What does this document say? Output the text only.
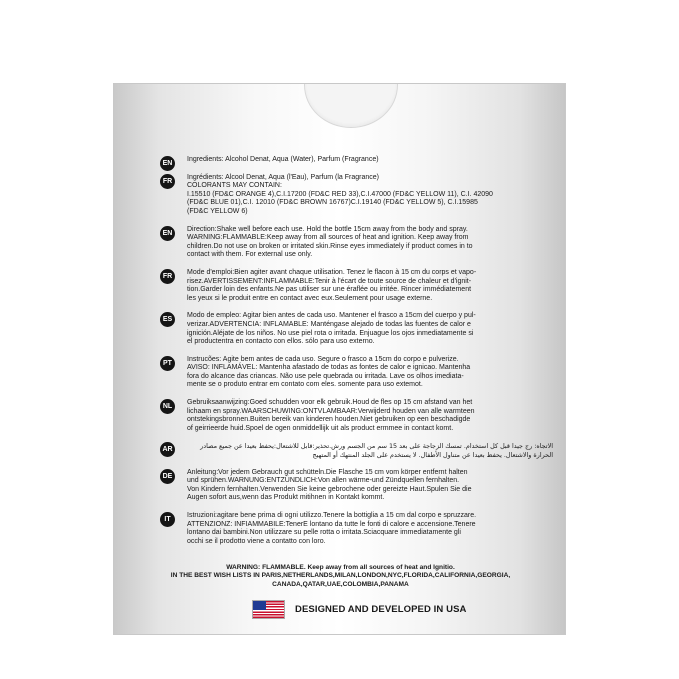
EN
Ingredients: Alcohol Denat, Aqua (Water), Parfum (Fragrance)
FR
Ingrédients: Alcool Denat, Aqua (l'Eau), Parfum (la Fragrance)
COLORANTS MAY CONTAIN:
I.15510 (FD&C ORANGE 4),C.I.17200 (FD&C RED 33),C.I.47000 (FD&C YELLOW 11), C.I. 42090
(FD&C BLUE 01),C.I. 12010 (FD&C BROWN 16767)C.I.19140 (FD&C YELLOW 5), C.I.15985
(FD&C YELLOW 6)
EN
Direction:Shake well before each use. Hold the bottle 15cm away from the body and spray.
WARNING:FLAMMABLE:Keep away from all sources of heat and ignition. Keep away from
children.Do not use on broken or irritated skin.Rinse eyes immediately if product comes in to
contact with them. For external use only.
FR
Mode d'emploi:Bien agiter avant chaque utilisation. Tenez le flacon à 15 cm du corps et vapo-
risez.AVERTISSEMENT:INFLAMMABLE:Tenir à l'écart de toute source de chaleur et d'ignit-
tion.Garder loin des enfants.Ne pas utiliser sur une éraflée ou irritée. Rincer immédiatement
les yeux si le produit entre en contact avec eux.Seulement pour usage externe.
ES
Modo de empleo: Agitar bien antes de cada uso. Mantener el frasco a 15cm del cuerpo y pul-
verizar.ADVERTENCIA: INFLAMABLE: Manténgase alejado de todas las fuentes de calor e
ignición.Aléjate de los niños. No use piel rota o irritada. Enjuague los ojos inmediatamente si
el productentra en contacto con ellos. sólo para uso externo.
PT
Instrucões: Agite bem antes de cada uso. Segure o frasco a 15cm do corpo e pulverize.
AVISO: INFLAMÁVEL: Mantenha afastado de todas as fontes de calor e ignicao. Mantenha
fora do alcance das criancas. Não use pele quebrada ou irritada. Lave os olhos imediata-
mente se o produto entrar em contato com eles. somente para uso extemot.
NL
Gebruiksaanwijzing:Goed schudden voor elk gebruik.Houd de fles op 15 cm afstand van het
lichaam en spray.WAARSCHUWING:ONTVLAMBAAR:Verwijderd houden van alle warmteen
ontstekingsbronnen.Buiten bereik van kinderen houden.Niet gebruiken op een beschadigde
of geirrieerde huid.Spoel de ogen onmiddellijk uit als product ermmee in contact komt.
AR	الاتجاه: رج جيدا قبل كل استخدام. تمسك الزجاجة على بعد 15 سم من الجسم ورش.تحذير:قابل للاشتعال:يحفظ بعيدا عن جميع مصادر
الحرارة والاشتعال. يحفظ بعيدا عن متناول الأطفال. لا يستخدم على الجلد المنتهك أو المتهيج
DE
Anleitung:Vor jedem Gebrauch gut schütteln.Die Flasche 15 cm vom körper entfernt halten
und sprühen.WARNUNG:ENTZÜNDLICH:Von allen wärme-und Zündquellen fernhalten.
Von Kindern fernhalten.Verwenden Sie keine gebrochene oder gereizte Haut.Spulen Sie die
Augen sofort aus,wenn das Produkt mitihnen in Kontakt kommt.
IT
Istruzioni:agitare bene prima di ogni utilizzo.Tenere la bottiglia a 15 cm dal corpo e spruzzare.
ATTENZIONZ: INFIAMMABILE:TenerE lontano da tutte le fonti di calore e accensione.Tenere
lontano dai bambini.Non utilizzare su pelle rotta o irritata.Sciacquare immediatamente gli
occhi se il prodotto viene a contatto con loro.
WARNING: FLAMMABLE. Keep away from all sources of heat and Ignitio.
IN THE BEST WISH LISTS IN PARIS,NETHERLANDS,MILAN,LONDON,NYC,FLORIDA,CALIFORNIA,GEORGIA,
CANADA,QATAR,UAE,COLOMBIA,PANAMA
DESIGNED AND DEVELOPED IN USA
